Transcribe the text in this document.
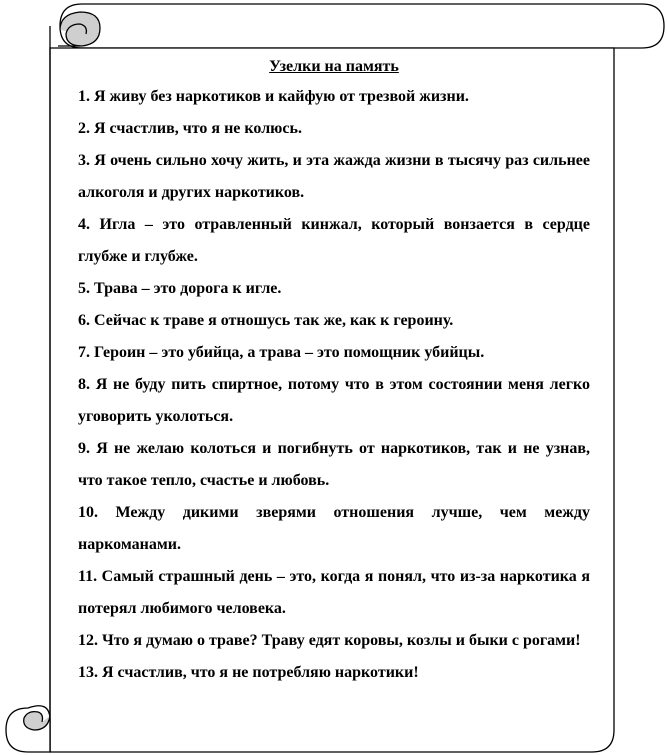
Узелки на память
1. Я живу без наркотиков и кайфую от трезвой жизни.
2. Я счастлив, что я не колюсь.
3. Я очень сильно хочу жить, и эта жажда жизни в тысячу раз сильнее алкоголя и других наркотиков.
4. Игла – это отравленный кинжал, который вонзается в сердце глубже и глубже.
5. Трава – это дорога к игле.
6. Сейчас к траве я отношусь так же, как к героину.
7. Героин – это убийца, а трава – это помощник убийцы.
8. Я не буду пить спиртное, потому что в этом состоянии меня легко уговорить уколоться.
9. Я не желаю колоться и погибнуть от наркотиков, так и не узнав, что такое тепло, счастье и любовь.
10. Между дикими зверями отношения лучше, чем между наркоманами.
11. Самый страшный день – это, когда я понял, что из-за наркотика я потерял любимого человека.
12. Что я думаю о траве? Траву едят коровы, козлы и быки с рогами!
13. Я счастлив, что я не потребляю наркотики!
